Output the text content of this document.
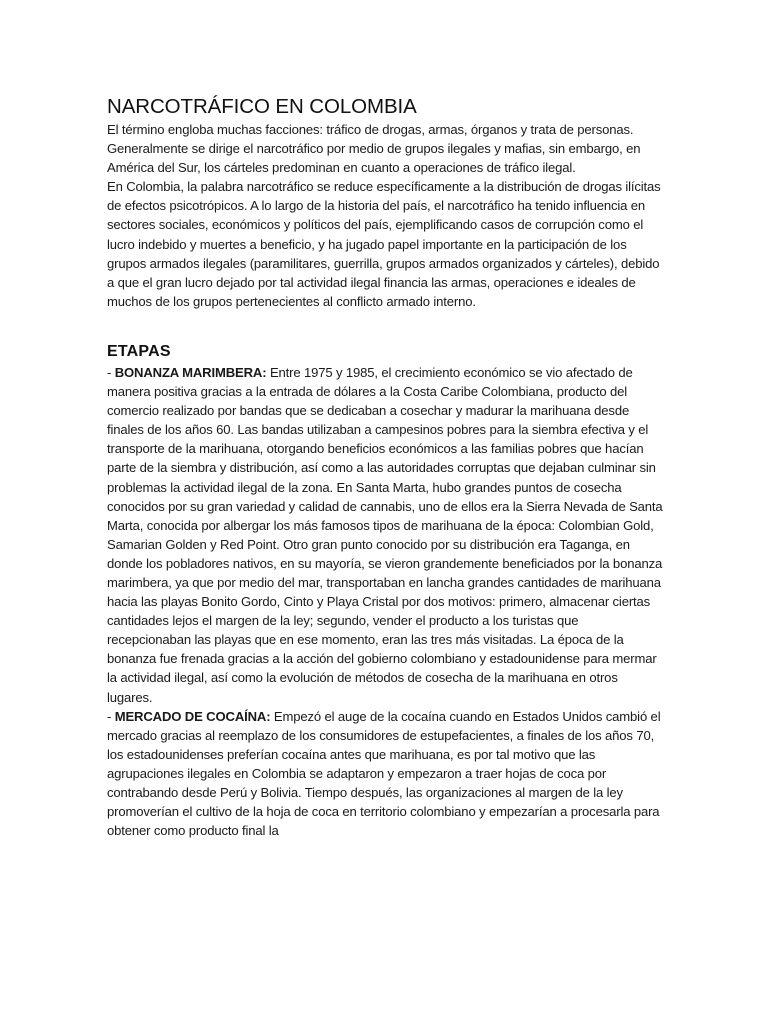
NARCOTRÁFICO EN COLOMBIA

El término engloba muchas facciones: tráfico de drogas, armas, órganos y trata de personas. Generalmente se dirige el narcotráfico por medio de grupos ilegales y mafias, sin embargo, en América del Sur, los cárteles predominan en cuanto a operaciones de tráfico ilegal.

En Colombia, la palabra narcotráfico se reduce específicamente a la distribución de drogas ilícitas de efectos psicotrópicos. A lo largo de la historia del país, el narcotráfico ha tenido influencia en sectores sociales, económicos y políticos del país, ejemplificando casos de corrupción como el lucro indebido y muertes a beneficio, y ha jugado papel importante en la participación de los grupos armados ilegales (paramilitares, guerrilla, grupos armados organizados y cárteles), debido a que el gran lucro dejado por tal actividad ilegal financia las armas, operaciones e ideales de muchos de los grupos pertenecientes al conflicto armado interno.

ETAPAS

- BONANZA MARIMBERA: Entre 1975 y 1985, el crecimiento económico se vio afectado de manera positiva gracias a la entrada de dólares a la Costa Caribe Colombiana, producto del comercio realizado por bandas que se dedicaban a cosechar y madurar la marihuana desde finales de los años 60. Las bandas utilizaban a campesinos pobres para la siembra efectiva y el transporte de la marihuana, otorgando beneficios económicos a las familias pobres que hacían parte de la siembra y distribución, así como a las autoridades corruptas que dejaban culminar sin problemas la actividad ilegal de la zona. En Santa Marta, hubo grandes puntos de cosecha conocidos por su gran variedad y calidad de cannabis, uno de ellos era la Sierra Nevada de Santa Marta, conocida por albergar los más famosos tipos de marihuana de la época: Colombian Gold, Samarian Golden y Red Point. Otro gran punto conocido por su distribución era Taganga, en donde los pobladores nativos, en su mayoría, se vieron grandemente beneficiados por la bonanza marimbera, ya que por medio del mar, transportaban en lancha grandes cantidades de marihuana hacia las playas Bonito Gordo, Cinto y Playa Cristal por dos motivos: primero, almacenar ciertas cantidades lejos el margen de la ley; segundo, vender el producto a los turistas que recepcionaban las playas que en ese momento, eran las tres más visitadas. La época de la bonanza fue frenada gracias a la acción del gobierno colombiano y estadounidense para mermar la actividad ilegal, así como la evolución de métodos de cosecha de la marihuana en otros lugares.

- MERCADO DE COCAÍNA: Empezó el auge de la cocaína cuando en Estados Unidos cambió el mercado gracias al reemplazo de los consumidores de estupefacientes, a finales de los años 70, los estadounidenses preferían cocaína antes que marihuana, es por tal motivo que las agrupaciones ilegales en Colombia se adaptaron y empezaron a traer hojas de coca por contrabando desde Perú y Bolivia. Tiempo después, las organizaciones al margen de la ley promoverían el cultivo de la hoja de coca en territorio colombiano y empezarían a procesarla para obtener como producto final la
